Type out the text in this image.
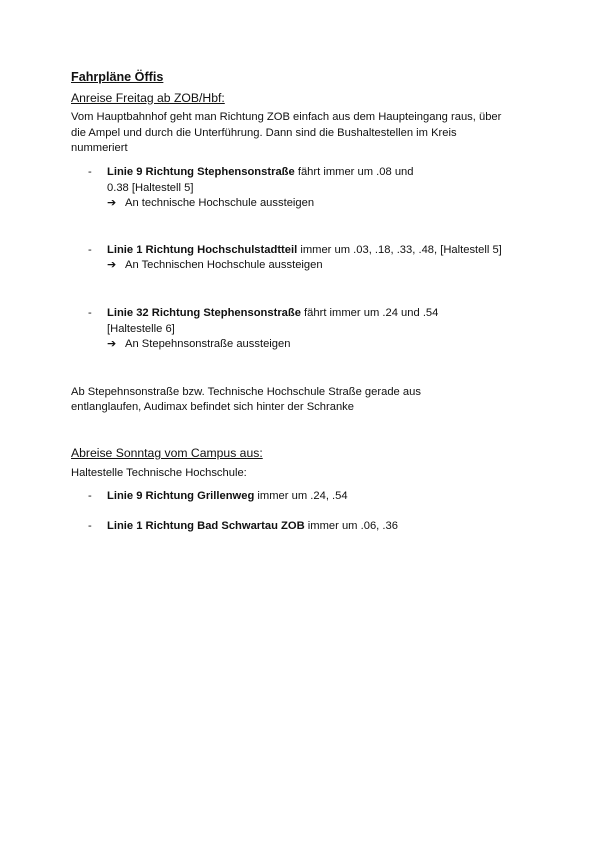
Fahrpläne Öffis
Anreise Freitag ab ZOB/Hbf:

Vom Hauptbahnhof geht man Richtung ZOB einfach aus dem Haupteingang raus, über die Ampel und durch die Unterführung. Dann sind die Bushaltestellen im Kreis nummeriert

- Linie 9 Richtung Stephensonstraße fährt immer um .08 und 0.38 [Haltestell 5]
➔ An technische Hochschule aussteigen
- Linie 1 Richtung Hochschulstadtteil immer um .03, .18, .33, .48, [Haltestell 5]
➔ An Technischen Hochschule aussteigen
- Linie 32 Richtung Stephensonstraße fährt immer um .24 und .54 [Haltestelle 6]
➔ An Stepehnsonstraße aussteigen

Ab Stepehnsonstraße bzw. Technische Hochschule Straße gerade aus entlanglaufen, Audimax befindet sich hinter der Schranke

Abreise Sonntag vom Campus aus:

Haltestelle Technische Hochschule:

- Linie 9 Richtung Grillenweg immer um .24, .54
- Linie 1 Richtung Bad Schwartau ZOB immer um .06, .36
